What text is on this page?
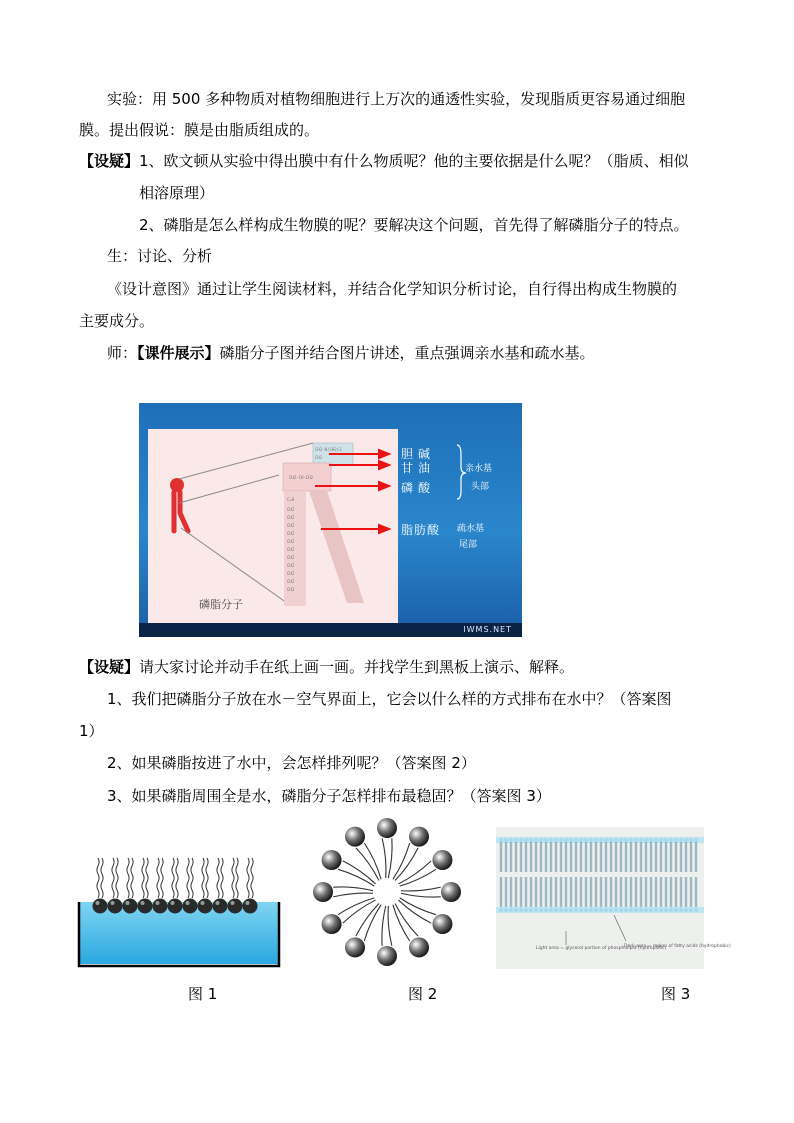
实验：用 500 多种物质对植物细胞进行上万次的通透性实验，发现脂质更容易通过细胞
膜。提出假说：膜是由脂质组成的。
【设疑】1、欧文顿从实验中得出膜中有什么物质呢？他的主要依据是什么呢？（脂质、相似
相溶原理）
2、磷脂是怎么样构成生物膜的呢？要解决这个问题，首先得了解磷脂分子的特点。
生：讨论、分析
《设计意图》通过让学生阅读材料，并结合化学知识分析讨论，自行得出构成生物膜的
主要成分。
师：【课件展示】磷脂分子图并结合图片讲述，重点强调亲水基和疏水基。
CH2-N(CH3)3
CH2
CH2-CH-CH2
C=O
CH2
CH2
CH2
CH2
CH2
CH2
CH2
CH2
CH2
CH2
CH3
胆碱
甘油
磷酸
脂肪酸
亲水基
头部
疏水基
尾部
磷脂分子
IWMS.NET
【设疑】请大家讨论并动手在纸上画一画。并找学生到黑板上演示、解释。
1、我们把磷脂分子放在水－空气界面上，它会以什么样的方式排布在水中？（答案图
1）
2、如果磷脂按进了水中，会怎样排列呢？（答案图 2）
3、如果磷脂周围全是水，磷脂分子怎样排布最稳固？（答案图 3）
Light area = glycerol portion of phospholipid (hydrophilic)
Dark area = region of fatty acids (hydrophobic)
图 1	图 2	图 3
